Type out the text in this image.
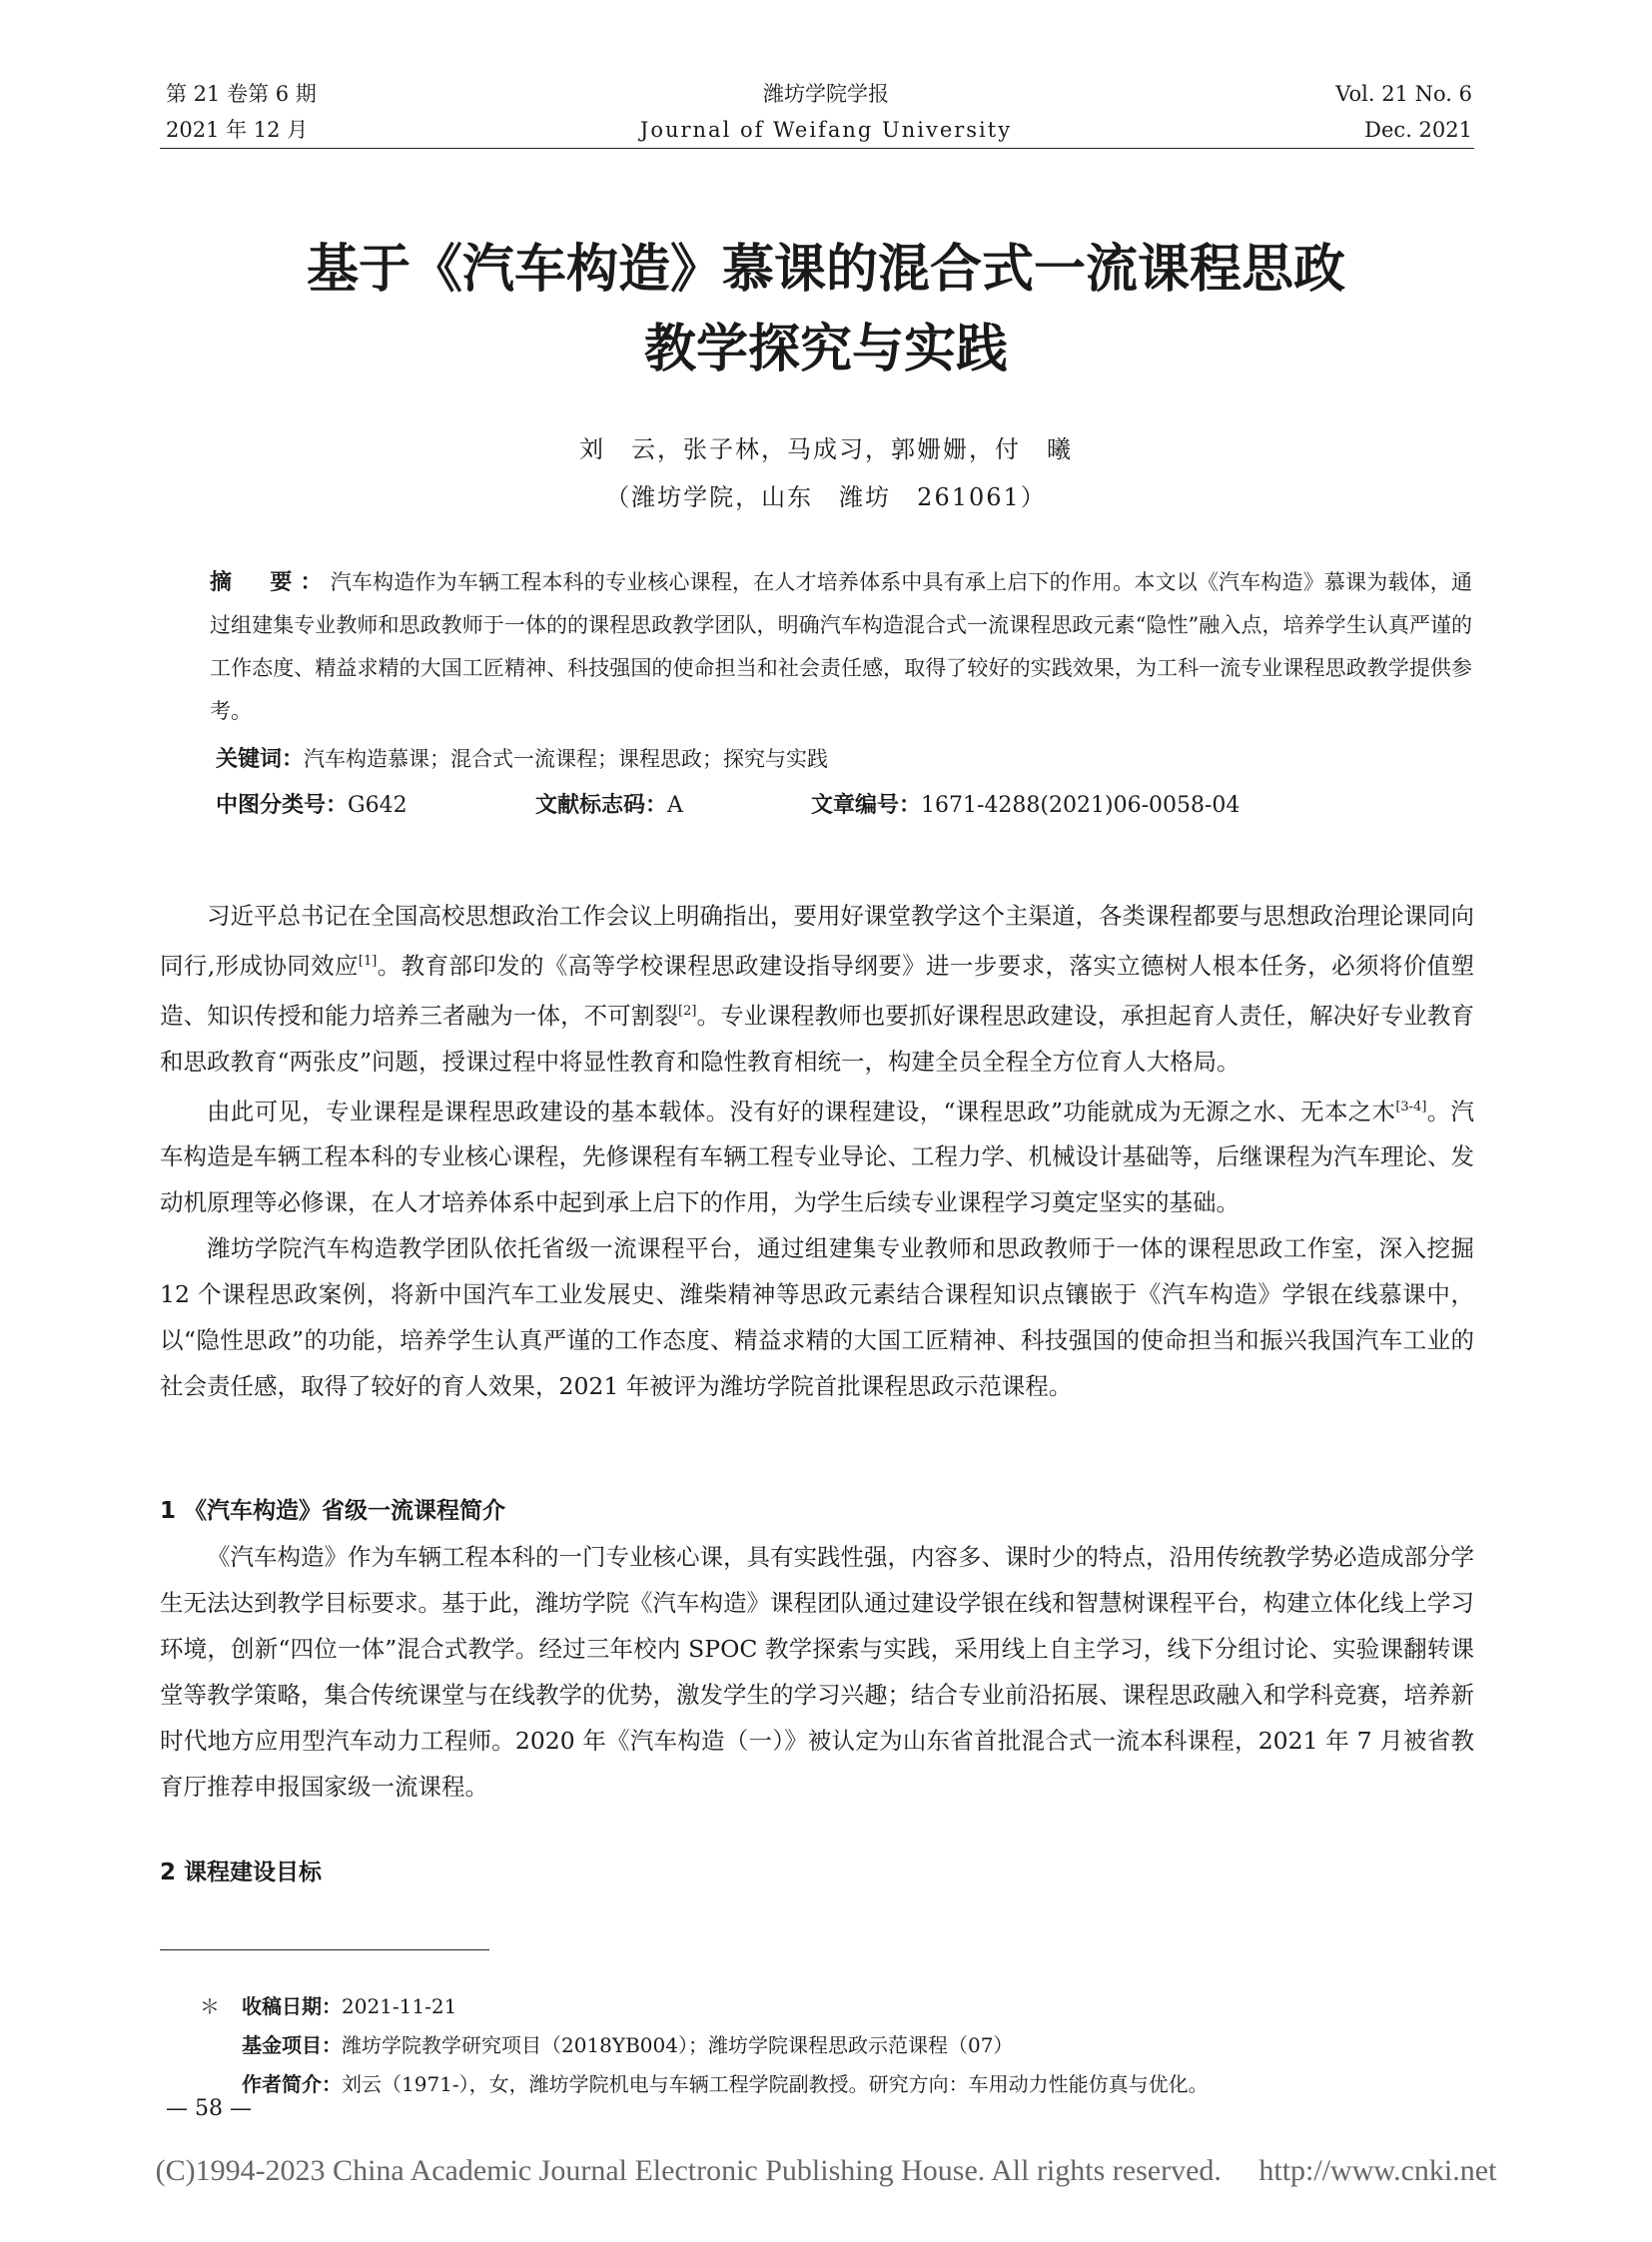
第 21 卷第 6 期
2021 年 12 月
潍坊学院学报
Journal of Weifang University
Vol. 21 No. 6
Dec. 2021
基于《汽车构造》慕课的混合式一流课程思政
教学探究与实践
刘　云，张子林，马成习，郭姗姗，付　曦
（潍坊学院，山东　潍坊　261061）
摘　要：汽车构造作为车辆工程本科的专业核心课程，在人才培养体系中具有承上启下的作用。本文以《汽车构造》慕课为载体，通过组建集专业教师和思政教师于一体的的课程思政教学团队，明确汽车构造混合式一流课程思政元素“隐性”融入点，培养学生认真严谨的工作态度、精益求精的大国工匠精神、科技强国的使命担当和社会责任感，取得了较好的实践效果，为工科一流专业课程思政教学提供参考。
关键词：汽车构造慕课；混合式一流课程；课程思政；探究与实践
中图分类号：G642	文献标志码：A	文章编号：1671-4288(2021)06-0058-04

习近平总书记在全国高校思想政治工作会议上明确指出，要用好课堂教学这个主渠道，各类课程都要与思想政治理论课同向同行,形成协同效应[1]。教育部印发的《高等学校课程思政建设指导纲要》进一步要求，落实立德树人根本任务，必须将价值塑造、知识传授和能力培养三者融为一体，不可割裂[2]。专业课程教师也要抓好课程思政建设，承担起育人责任，解决好专业教育和思政教育“两张皮”问题，授课过程中将显性教育和隐性教育相统一，构建全员全程全方位育人大格局。

由此可见，专业课程是课程思政建设的基本载体。没有好的课程建设，“课程思政”功能就成为无源之水、无本之木[3-4]。汽车构造是车辆工程本科的专业核心课程，先修课程有车辆工程专业导论、工程力学、机械设计基础等，后继课程为汽车理论、发动机原理等必修课，在人才培养体系中起到承上启下的作用，为学生后续专业课程学习奠定坚实的基础。

潍坊学院汽车构造教学团队依托省级一流课程平台，通过组建集专业教师和思政教师于一体的课程思政工作室，深入挖掘 12 个课程思政案例，将新中国汽车工业发展史、潍柴精神等思政元素结合课程知识点镶嵌于《汽车构造》学银在线慕课中，以“隐性思政”的功能，培养学生认真严谨的工作态度、精益求精的大国工匠精神、科技强国的使命担当和振兴我国汽车工业的社会责任感，取得了较好的育人效果，2021 年被评为潍坊学院首批课程思政示范课程。

1 《汽车构造》省级一流课程简介

《汽车构造》作为车辆工程本科的一门专业核心课，具有实践性强，内容多、课时少的特点，沿用传统教学势必造成部分学生无法达到教学目标要求。基于此，潍坊学院《汽车构造》课程团队通过建设学银在线和智慧树课程平台，构建立体化线上学习环境，创新“四位一体”混合式教学。经过三年校内 SPOC 教学探索与实践，采用线上自主学习，线下分组讨论、实验课翻转课堂等教学策略，集合传统课堂与在线教学的优势，激发学生的学习兴趣；结合专业前沿拓展、课程思政融入和学科竞赛，培养新时代地方应用型汽车动力工程师。2020 年《汽车构造（一）》被认定为山东省首批混合式一流本科课程，2021 年 7 月被省教育厅推荐申报国家级一流课程。

2 课程建设目标
＊ 收稿日期：2021-11-21
基金项目：潍坊学院教学研究项目（2018YB004）；潍坊学院课程思政示范课程（07）
作者简介：刘云（1971-），女，潍坊学院机电与车辆工程学院副教授。研究方向：车用动力性能仿真与优化。
— 58 —
(C)1994-2023 China Academic Journal Electronic Publishing House. All rights reserved.　 http://www.cnki.net
